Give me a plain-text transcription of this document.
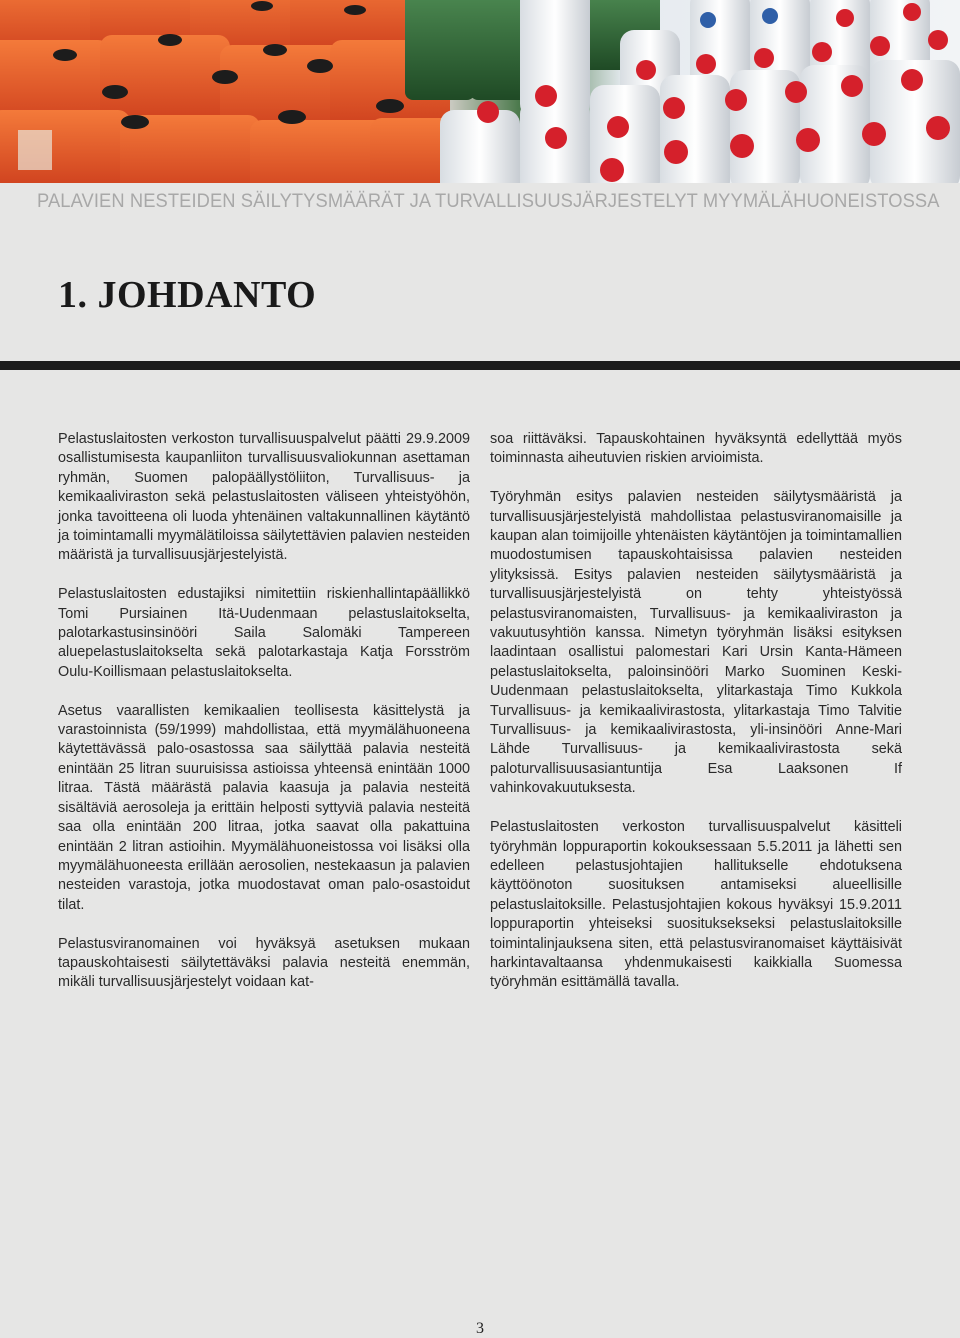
PALAVIEN NESTEIDEN SÄILYTYSMÄÄRÄT JA TURVALLISUUSJÄRJESTELYT MYYMÄLÄHUONEISTOSSA
1. JOHDANTO

Pelastuslaitosten verkoston turvallisuuspalvelut päätti 29.9.2009 osallistumisesta kaupanliiton turvallisuusvaliokunnan asettaman ryhmän, Suomen palopäällystöliiton, Turvallisuus- ja kemikaaliviraston sekä pelastuslaitosten väliseen yhteistyöhön, jonka tavoitteena oli luoda yhtenäinen valtakunnallinen käytäntö ja toimintamalli myymälätiloissa säilytettävien palavien nesteiden määristä ja turvallisuusjärjestelyistä.

Pelastuslaitosten edustajiksi nimitettiin riskienhallintapäällikkö Tomi Pursiainen Itä-Uudenmaan pelastuslaitokselta, palotarkastusinsinööri Saila Salomäki Tampereen aluepelastuslaitokselta sekä palotarkastaja Katja Forsström Oulu-Koillismaan pelastuslaitokselta.

Asetus vaarallisten kemikaalien teollisesta käsittelystä ja varastoinnista (59/1999) mahdollistaa, että myymälähuoneena käytettävässä palo-osastossa saa säilyttää palavia nesteitä enintään 25 litran suuruisissa astioissa yhteensä enintään 1000 litraa. Tästä määrästä palavia kaasuja ja palavia nesteitä sisältäviä aerosoleja ja erittäin helposti syttyviä palavia nesteitä saa olla enintään 200 litraa, jotka saavat olla pakattuina enintään 2 litran astioihin. Myymälähuoneistossa voi lisäksi olla myymälähuoneesta erillään aerosolien, nestekaasun ja palavien nesteiden varastoja, jotka muodostavat oman palo-osastoidut tilat.

Pelastusviranomainen voi hyväksyä asetuksen mukaan tapauskohtaisesti säilytettäväksi palavia nesteitä enemmän, mikäli turvallisuusjärjestelyt voidaan kat-

soa riittäväksi. Tapauskohtainen hyväksyntä edellyttää myös toiminnasta aiheutuvien riskien arvioimista.

Työryhmän esitys palavien nesteiden säilytysmääristä ja turvallisuusjärjestelyistä mahdollistaa pelastusviranomaisille ja kaupan alan toimijoille yhtenäisten käytäntöjen ja toimintamallien muodostumisen tapauskohtaisissa palavien nesteiden ylityksissä. Esitys palavien nesteiden säilytysmääristä ja turvallisuusjärjestelyistä on tehty yhteistyössä pelastusviranomaisten, Turvallisuus- ja kemikaaliviraston ja vakuutusyhtiön kanssa. Nimetyn työryhmän lisäksi esityksen laadintaan osallistui palomestari Kari Ursin Kanta-Hämeen pelastuslaitokselta, paloinsinööri Marko Suominen Keski-Uudenmaan pelastuslaitokselta, ylitarkastaja Timo Kukkola Turvallisuus- ja kemikaalivirastosta, ylitarkastaja Timo Talvitie Turvallisuus- ja kemikaalivirastosta, yli-insinööri Anne-Mari Lähde Turvallisuus- ja kemikaalivirastosta sekä paloturvallisuusasiantuntija Esa Laaksonen If vahinkovakuutuksesta.

Pelastuslaitosten verkoston turvallisuuspalvelut käsitteli työryhmän loppuraportin kokouksessaan 5.5.2011 ja lähetti sen edelleen pelastusjohtajien hallitukselle ehdotuksena käyttöönoton suosituksen antamiseksi alueellisille pelastuslaitoksille. Pelastusjohtajien kokous hyväksyi 15.9.2011 loppuraportin yhteiseksi suosituksekseksi pelastuslaitoksille toimintalinjauksena siten, että pelastusviranomaiset käyttäisivät harkintavaltaansa yhdenmukaisesti kaikkialla Suomessa työryhmän esittämällä tavalla.

3
